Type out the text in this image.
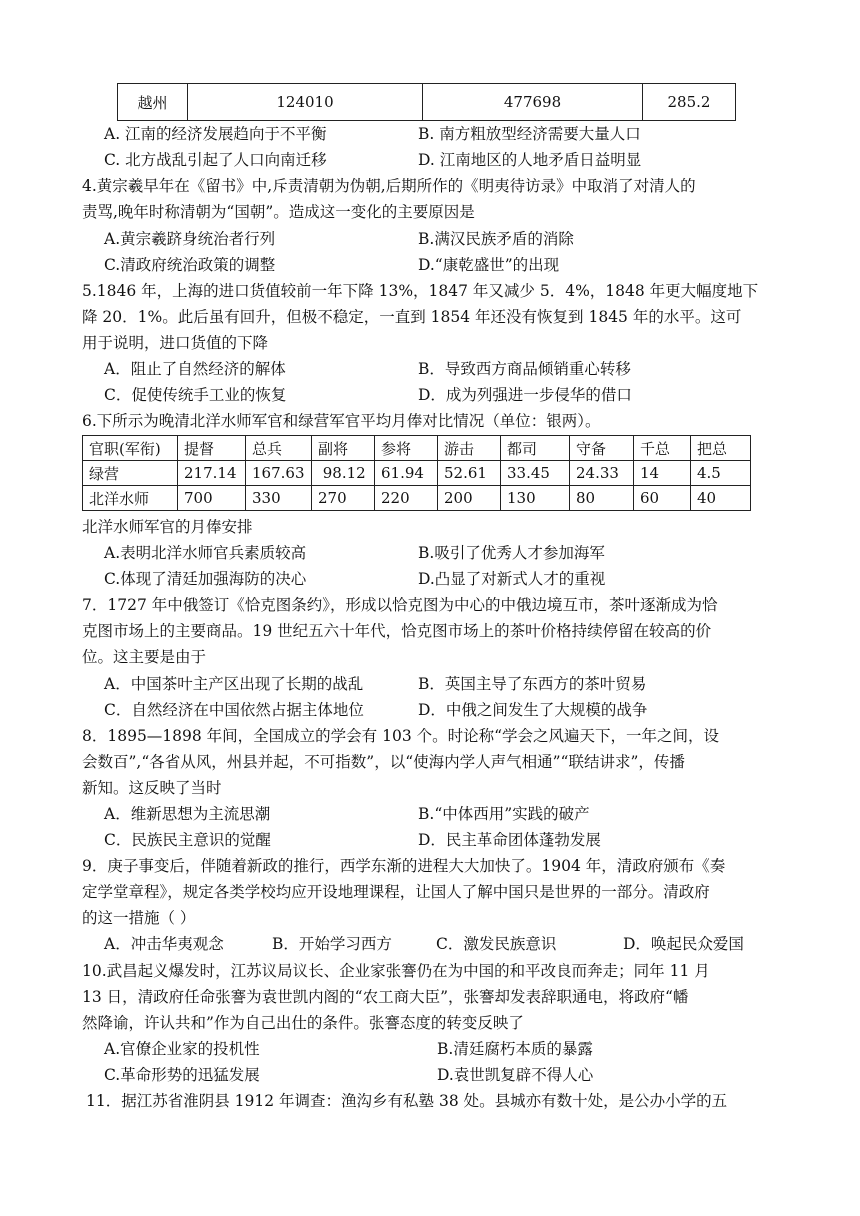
越州	124010	477698	285.2
A. 江南的经济发展趋向于不平衡	B. 南方粗放型经济需要大量人口
C. 北方战乱引起了人口向南迁移	D. 江南地区的人地矛盾日益明显
4.黄宗羲早年在《留书》中,斥责清朝为伪朝,后期所作的《明夷待访录》中取消了对清人的
责骂,晚年时称清朝为“国朝”。造成这一变化的主要原因是
A.黄宗羲跻身统治者行列	B.满汉民族矛盾的消除
C.清政府统治政策的调整	D.“康乾盛世”的出现
5.1846 年，上海的进口货值较前一年下降 13%，1847 年又减少 5．4%，1848 年更大幅度地下
降 20．1%。此后虽有回升，但极不稳定，一直到 1854 年还没有恢复到 1845 年的水平。这可
用于说明，进口货值的下降
A．阻止了自然经济的解体	B．导致西方商品倾销重心转移
C．促使传统手工业的恢复	D．成为列强进一步侵华的借口
6.下所示为晚清北洋水师军官和绿营军官平均月俸对比情况（单位：银两）。
官职(军衔)	提督	总兵	副将	参将	游击	都司	守备	千总	把总
绿营	217.14	167.63	98.12	61.94	52.61	33.45	24.33	14	4.5
北洋水师	700	330	270	220	200	130	80	60	40
北洋水师军官的月俸安排
A.表明北洋水师官兵素质较高	B.吸引了优秀人才参加海军
C.体现了清廷加强海防的决心	D.凸显了对新式人才的重视
7．1727 年中俄签订《恰克图条约》，形成以恰克图为中心的中俄边境互市，茶叶逐渐成为恰
克图市场上的主要商品。19 世纪五六十年代，恰克图市场上的茶叶价格持续停留在较高的价
位。这主要是由于
A．中国茶叶主产区出现了长期的战乱	B．英国主导了东西方的茶叶贸易
C．自然经济在中国依然占据主体地位	D．中俄之间发生了大规模的战争
8．1895—1898 年间，全国成立的学会有 103 个。时论称“学会之风遍天下，一年之间，设
会数百”,“各省从风，州县并起，不可指数”，以“使海内学人声气相通”“联结讲求”，传播
新知。这反映了当时
A．维新思想为主流思潮	B.“中体西用”实践的破产
C．民族民主意识的觉醒	D．民主革命团体蓬勃发展
9．庚子事变后，伴随着新政的推行，西学东渐的进程大大加快了。1904 年，清政府颁布《奏
定学堂章程》，规定各类学校均应开设地理课程，让国人了解中国只是世界的一部分。清政府
的这一措施（ ）
A．冲击华夷观念	B．开始学习西方	C．激发民族意识	D．唤起民众爱国
10.武昌起义爆发时，江苏议局议长、企业家张謇仍在为中国的和平改良而奔走；同年 11 月
13 日，清政府任命张謇为袁世凯内阁的“农工商大臣”，张謇却发表辞职通电，将政府“幡
然降谕，许认共和”作为自己出仕的条件。张謇态度的转变反映了
A.官僚企业家的投机性	B.清廷腐朽本质的暴露
C.革命形势的迅猛发展	D.袁世凯复辟不得人心
11．据江苏省淮阴县 1912 年调查：渔沟乡有私塾 38 处。县城亦有数十处，是公办小学的五
